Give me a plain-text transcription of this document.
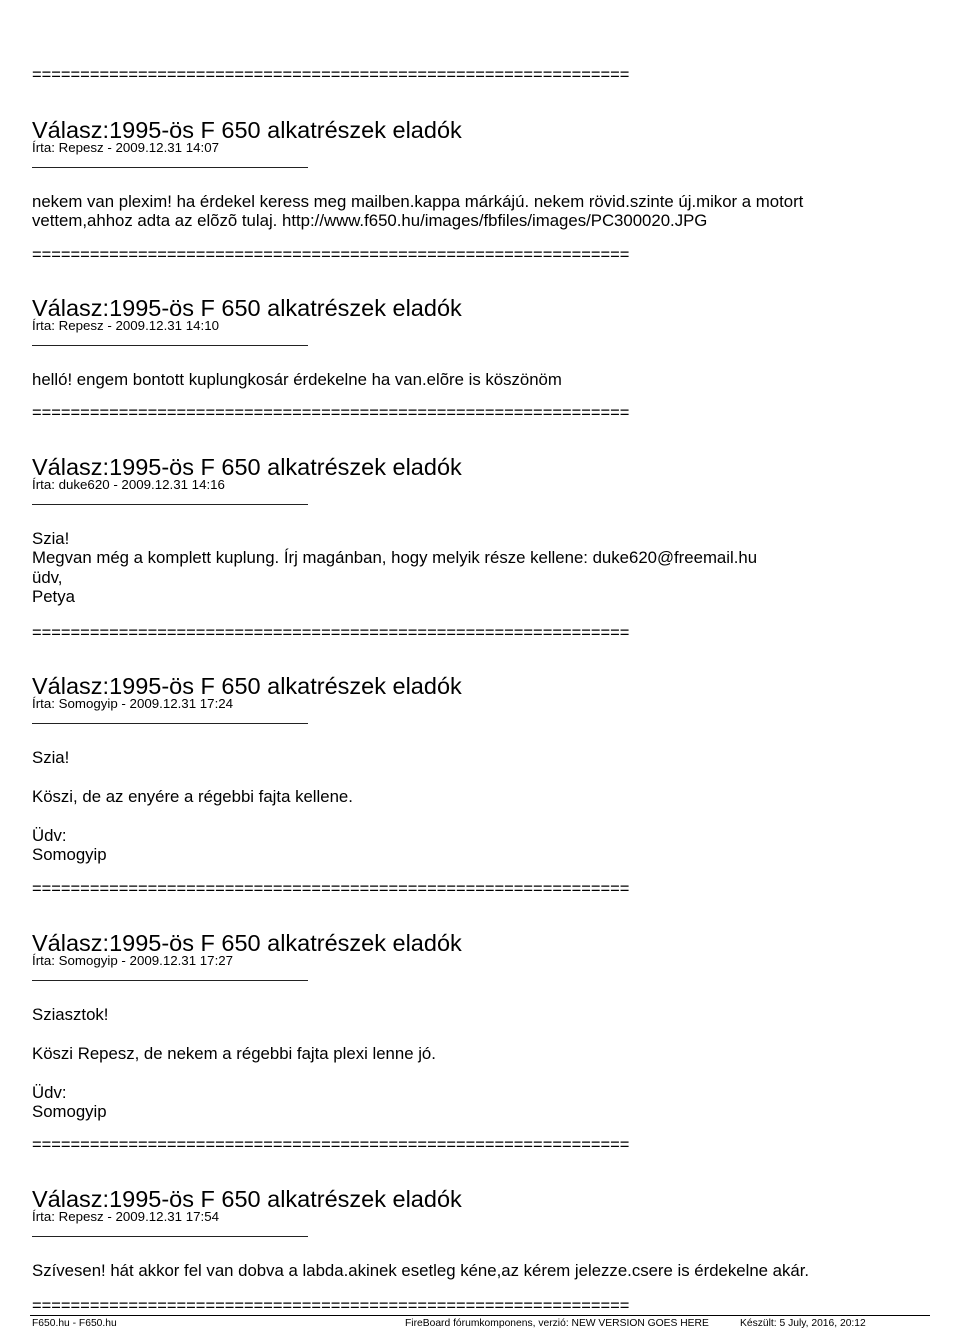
==============================================================
==============================================================
==============================================================
==============================================================
==============================================================
==============================================================
==============================================================
Válasz:1995-ös F 650 alkatrészek eladók
Írta: Repesz - 2009.12.31 14:07
nekem van plexim! ha érdekel keress meg mailben.kappa márkájú. nekem rövid.szinte új.mikor a motort
vettem,ahhoz adta az elõzõ tulaj. http://www.f650.hu/images/fbfiles/images/PC300020.JPG
Válasz:1995-ös F 650 alkatrészek eladók
Írta: Repesz - 2009.12.31 14:10
helló! engem bontott kuplungkosár érdekelne ha van.elõre is köszönöm
Válasz:1995-ös F 650 alkatrészek eladók
Írta: duke620 - 2009.12.31 14:16
Szia!
Megvan még a komplett kuplung. Írj magánban, hogy melyik része kellene: duke620@freemail.hu
üdv,
Petya
Válasz:1995-ös F 650 alkatrészek eladók
Írta: Somogyip - 2009.12.31 17:24
Szia!
Köszi, de az enyére a régebbi fajta kellene.
Üdv:
Somogyip
Válasz:1995-ös F 650 alkatrészek eladók
Írta: Somogyip - 2009.12.31 17:27
Sziasztok!
Köszi Repesz, de nekem a régebbi fajta plexi lenne jó.
Üdv:
Somogyip
Válasz:1995-ös F 650 alkatrészek eladók
Írta: Repesz - 2009.12.31 17:54
Szívesen! hát akkor fel van dobva a labda.akinek esetleg kéne,az kérem jelezze.csere is érdekelne akár.
F650.hu - F650.hu	FireBoard fórumkomponens, verzió: NEW VERSION GOES HERE	Készült: 5 July, 2016, 20:12
